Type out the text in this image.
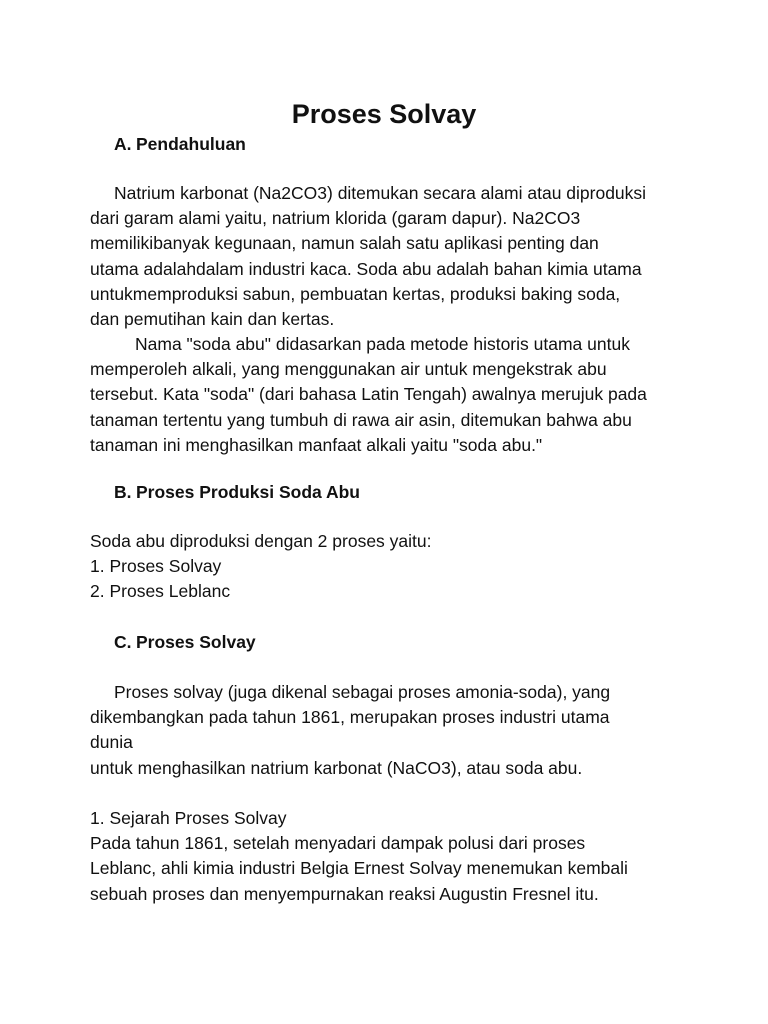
Proses Solvay
A. Pendahuluan
Natrium karbonat (Na2CO3) ditemukan secara alami atau diproduksi
dari garam alami yaitu, natrium klorida (garam dapur). Na2CO3
memilikibanyak kegunaan, namun salah satu aplikasi penting dan
utama adalahdalam industri kaca. Soda abu adalah bahan kimia utama
untukmemproduksi sabun, pembuatan kertas, produksi baking soda,
dan pemutihan kain dan kertas.
Nama "soda abu" didasarkan pada metode historis utama untuk
memperoleh alkali, yang menggunakan air untuk mengekstrak abu
tersebut. Kata "soda" (dari bahasa Latin Tengah) awalnya merujuk pada
tanaman tertentu yang tumbuh di rawa air asin, ditemukan bahwa abu
tanaman ini menghasilkan manfaat alkali yaitu "soda abu."
B. Proses Produksi Soda Abu
Soda abu diproduksi dengan 2 proses yaitu:
1. Proses Solvay
2. Proses Leblanc
C. Proses Solvay
Proses solvay (juga dikenal sebagai proses amonia-soda), yang
dikembangkan pada tahun 1861, merupakan proses industri utama
dunia
untuk menghasilkan natrium karbonat (NaCO3), atau soda abu.
1. Sejarah Proses Solvay
Pada tahun 1861, setelah menyadari dampak polusi dari proses
Leblanc, ahli kimia industri Belgia Ernest Solvay menemukan kembali
sebuah proses dan menyempurnakan reaksi Augustin Fresnel itu.
